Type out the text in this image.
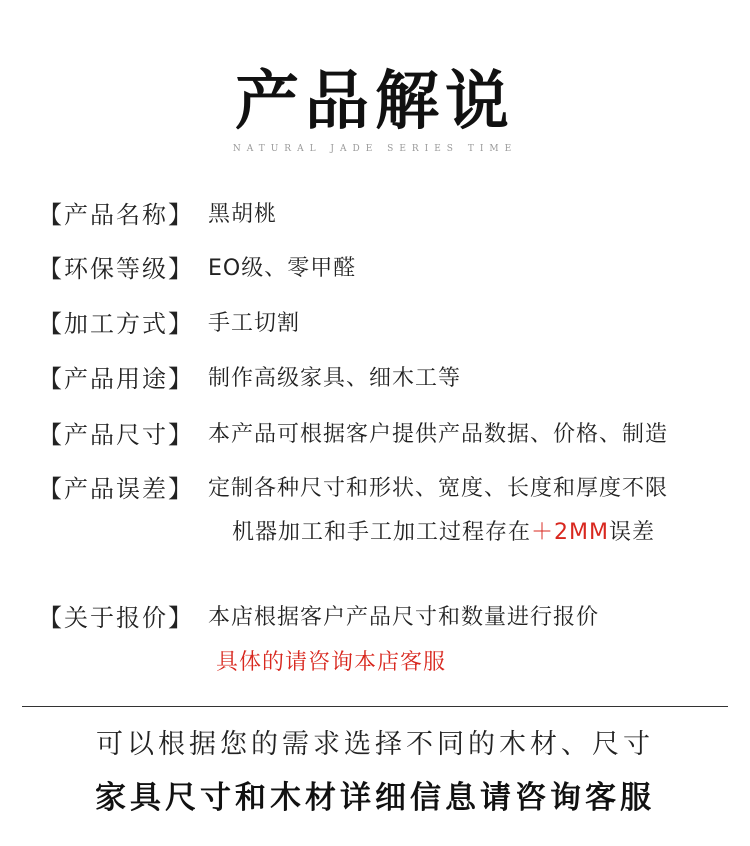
产品解说
NATURAL JADE SERIES TIME
【产品名称】 黑胡桃
【环保等级】 EO级、零甲醛
【加工方式】 手工切割
【产品用途】 制作高级家具、细木工等
【产品尺寸】 本产品可根据客户提供产品数据、价格、制造
【产品误差】 定制各种尺寸和形状、宽度、长度和厚度不限
机器加工和手工加工过程存在 ＋2MM 误差
【关于报价】 本店根据客户产品尺寸和数量进行报价
具体的请咨询本店客服
可以根据您的需求选择不同的木材、尺寸
家具尺寸和木材详细信息请咨询客服
